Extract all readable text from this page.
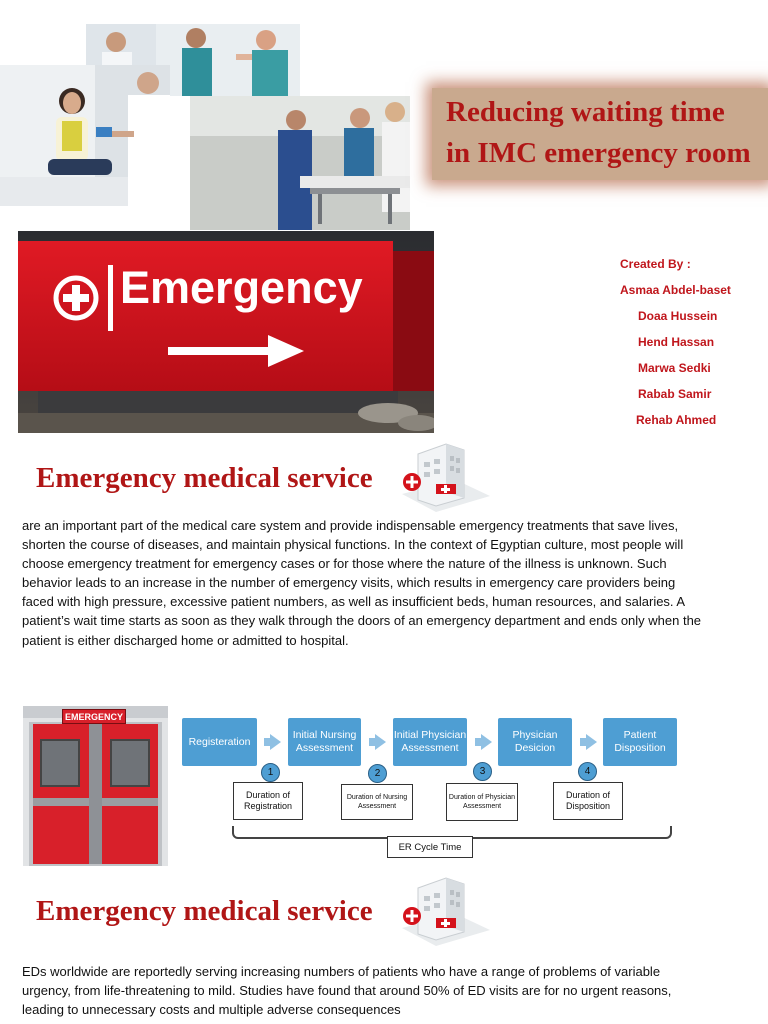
Emergency
Reducing waiting time
in IMC emergency room
Created By :
Asmaa Abdel-baset
Doaa Hussein
Hend Hassan
Marwa Sedki
Rabab Samir
Rehab Ahmed
Emergency medical service
are an important part of the medical care system and provide indispensable emergency treatments that save lives, shorten the course of diseases, and maintain physical functions. In the context of Egyptian culture, most people will choose emergency treatment for emergency cases or for those where the nature of the illness is unknown. Such behavior leads to an increase in the number of emergency visits, which results in emergency care providers being faced with high pressure, excessive patient numbers, as well as insufficient beds, human resources, and salaries. A patient’s wait time starts as soon as they walk through the doors of an emergency department and ends only when the patient is either discharged home or admitted to hospital.
EMERGENCY
Registeration
Initial Nursing Assessment
Initial Physician Assessment
Physician Desicion
Patient Disposition
1	2	3	4
Duration of Registration
Duration of Nursing Assessment
Duration of Physician Assessment
Duration of Disposition
ER Cycle Time
Emergency medical service
EDs worldwide are reportedly serving increasing numbers of patients who have a range of problems of variable urgency, from life-threatening to mild. Studies have found that around 50% of ED visits are for no urgent reasons, leading to unnecessary costs and multiple adverse consequences
